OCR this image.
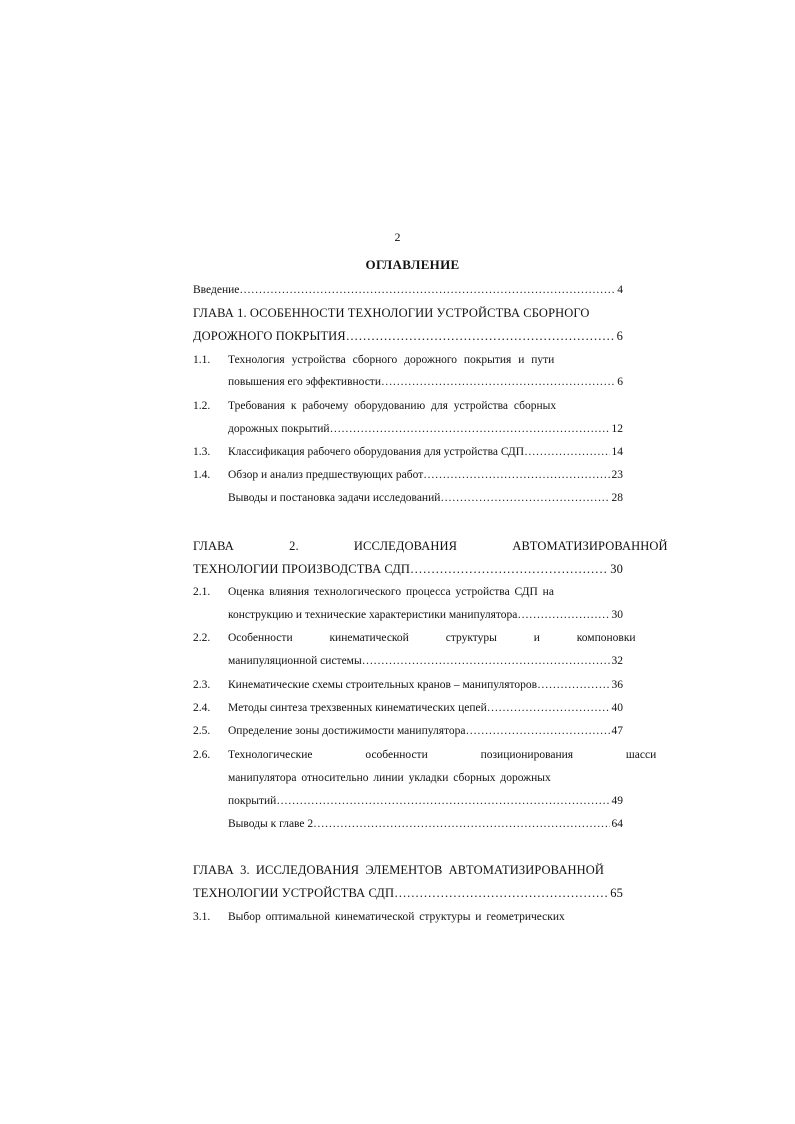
2
ОГЛАВЛЕНИЕ
Введение ……………………………………………………………………………………………………………………	4
ГЛАВА 1. ОСОБЕННОСТИ ТЕХНОЛОГИИ УСТРОЙСТВА СБОРНОГО
ДОРОЖНОГО ПОКРЫТИЯ ……………………………………………………………………………………………………………………	6
1.1.	Технология устройства сборного дорожного покрытия и пути
повышения его эффективности ……………………………………………………………………………………………………………………	6
1.2.	Требования к рабочему оборудованию для устройства сборных
дорожных покрытий ……………………………………………………………………………………………………………………	12
1.3.	Классификация рабочего оборудования для устройства СДП ……………………………………………………………………………………………………………………	14
1.4.	Обзор и анализ предшествующих работ ……………………………………………………………………………………………………………………	23
Выводы и постановка задачи исследований ……………………………………………………………………………………………………………………	28
ГЛАВА 2. ИССЛЕДОВАНИЯ АВТОМАТИЗИРОВАННОЙ
ТЕХНОЛОГИИ ПРОИЗВОДСТВА СДП ……………………………………………………………………………………………………………………	30
2.1.	Оценка влияния технологического процесса устройства СДП на
конструкцию и технические характеристики манипулятора ……………………………………………………………………………………………………………………	30
2.2.	Особенности кинематической структуры и компоновки
манипуляционной системы ……………………………………………………………………………………………………………………	32
2.3.	Кинематические схемы строительных кранов – манипуляторов ……………………………………………………………………………………………………………………	36
2.4.	Методы синтеза трехзвенных кинематических цепей ……………………………………………………………………………………………………………………	40
2.5.	Определение зоны достижимости манипулятора ……………………………………………………………………………………………………………………	47
2.6.	Технологические особенности позиционирования шасси
манипулятора относительно линии укладки сборных дорожных
покрытий ……………………………………………………………………………………………………………………	49
Выводы к главе 2 ……………………………………………………………………………………………………………………	64
ГЛАВА 3. ИССЛЕДОВАНИЯ ЭЛЕМЕНТОВ АВТОМАТИЗИРОВАННОЙ
ТЕХНОЛОГИИ УСТРОЙСТВА СДП ……………………………………………………………………………………………………………………	65
3.1.	Выбор оптимальной кинематической структуры и геометрических
